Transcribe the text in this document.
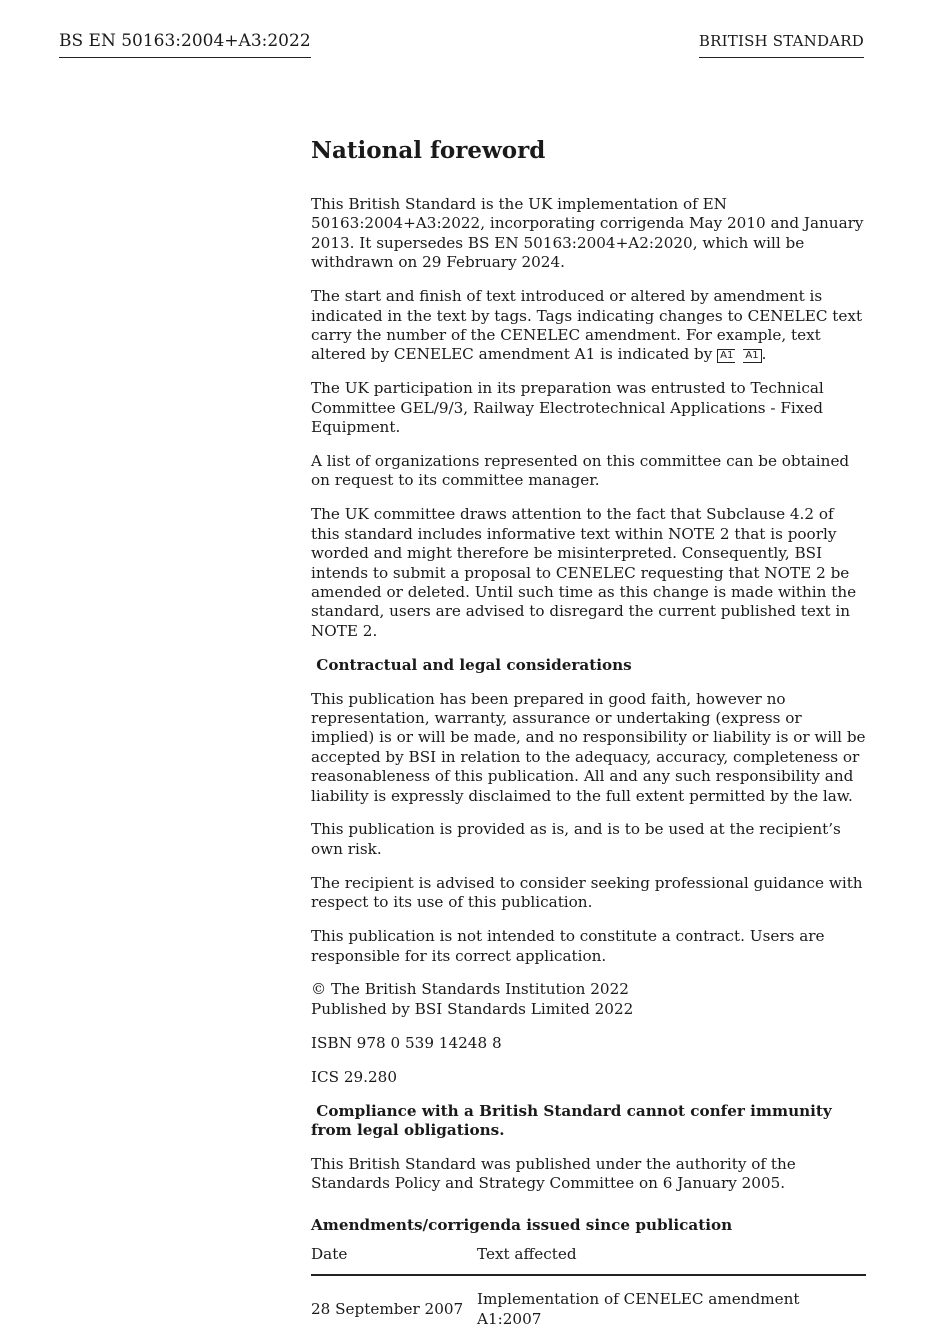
BS EN 50163:2004+A3:2022	BRITISH STANDARD
National foreword

This British Standard is the UK implementation of EN 50163:2004+A3:2022, incorporating corrigenda May 2010 and January 2013. It supersedes BS EN 50163:2004+A2:2020, which will be withdrawn on 29 February 2024.

The start and finish of text introduced or altered by amendment is indicated in the text by tags. Tags indicating changes to CENELEC text carry the number of the CENELEC amendment. For example, text altered by CENELEC amendment A1 is indicated by A1 A1 .

The UK participation in its preparation was entrusted to Technical Committee GEL/9/3, Railway Electrotechnical Applications - Fixed Equipment.

A list of organizations represented on this committee can be obtained on request to its committee manager.

The UK committee draws attention to the fact that Subclause 4.2 of this standard includes informative text within NOTE 2 that is poorly worded and might therefore be misinterpreted. Consequently, BSI intends to submit a proposal to CENELEC requesting that NOTE 2 be amended or deleted. Until such time as this change is made within the standard, users are advised to disregard the current published text in NOTE 2.

Contractual and legal considerations

This publication has been prepared in good faith, however no representation, warranty, assurance or undertaking (express or implied) is or will be made, and no responsibility or liability is or will be accepted by BSI in relation to the adequacy, accuracy, completeness or reasonableness of this publication. All and any such responsibility and liability is expressly disclaimed to the full extent permitted by the law.

This publication is provided as is, and is to be used at the recipient’s own risk.

The recipient is advised to consider seeking professional guidance with respect to its use of this publication.

This publication is not intended to constitute a contract. Users are responsible for its correct application.

© The British Standards Institution 2022
Published by BSI Standards Limited 2022

ISBN 978 0 539 14248 8

ICS 29.280

Compliance with a British Standard cannot confer immunity from legal obligations.

This British Standard was published under the authority of the Standards Policy and Strategy Committee on 6 January 2005.

Amendments/corrigenda issued since publication
Date	Text affected
28 September 2007	Implementation of CENELEC amendment A1:2007
